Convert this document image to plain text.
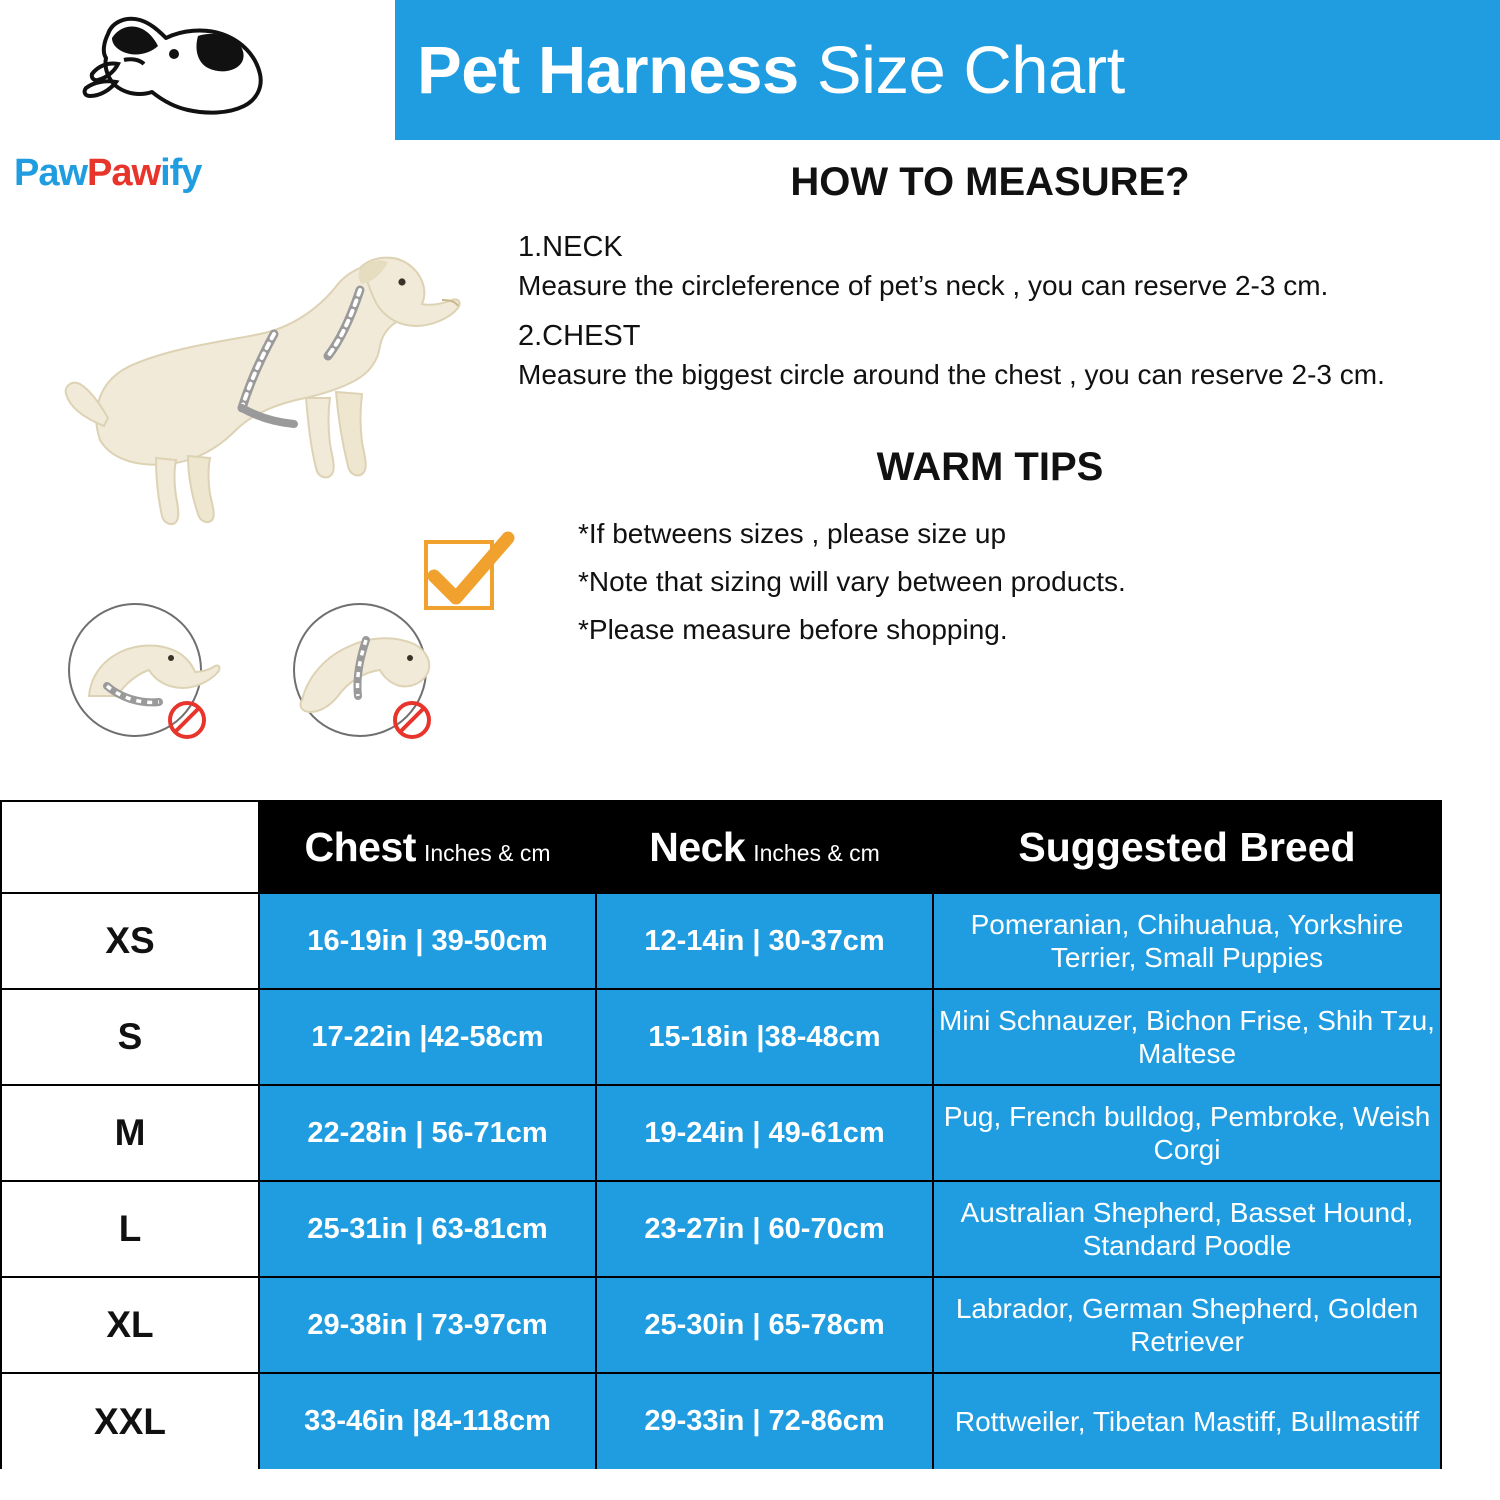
Pet Harness Size Chart
PawPawify	HOW TO MEASURE?
1.NECK
Measure the circleference of pet’s neck , you can reserve 2-3 cm.
2.CHEST
Measure the biggest circle around the chest , you can reserve 2-3 cm.
WARM TIPS
*If betweens sizes , please size up
*Note that sizing will vary between products.
*Please measure before shopping.
	Chest Inches & cm	Neck Inches & cm	Suggested Breed
XS	16-19in | 39-50cm	12-14in | 30-37cm	Pomeranian, Chihuahua, Yorkshire Terrier, Small Puppies
S	17-22in |42-58cm	15-18in |38-48cm	Mini Schnauzer, Bichon Frise, Shih Tzu, Maltese
M	22-28in | 56-71cm	19-24in | 49-61cm	Pug, French bulldog, Pembroke, Weish Corgi
L	25-31in | 63-81cm	23-27in | 60-70cm	Australian Shepherd, Basset Hound, Standard Poodle
XL	29-38in | 73-97cm	25-30in | 65-78cm	Labrador, German Shepherd, Golden Retriever
XXL	33-46in |84-118cm	29-33in | 72-86cm	Rottweiler, Tibetan Mastiff, Bullmastiff
